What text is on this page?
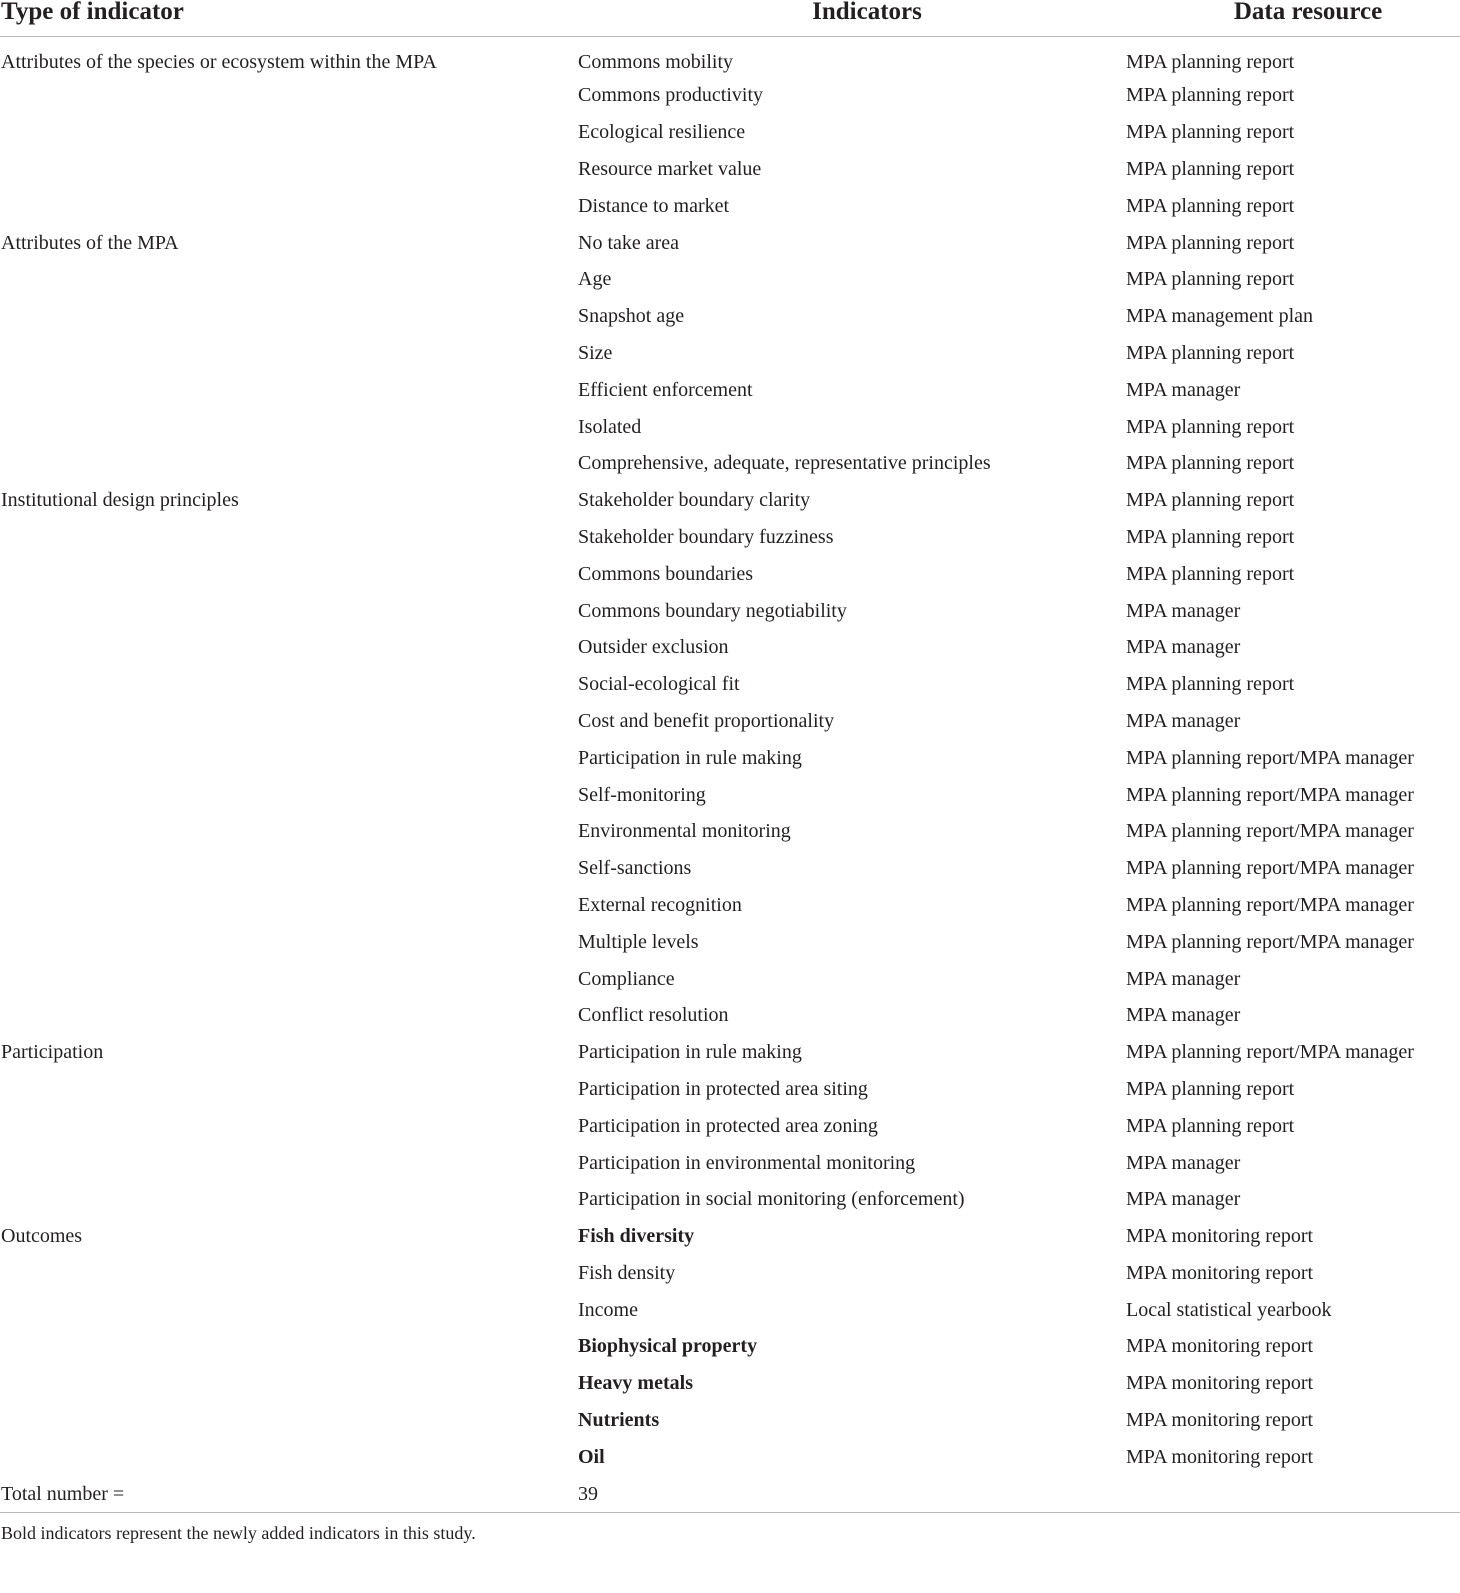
Type of indicator	Indicators	Data resource
Attributes of the species or ecosystem within the MPA	Commons mobility	MPA planning report
	Commons productivity	MPA planning report
	Ecological resilience	MPA planning report
	Resource market value	MPA planning report
	Distance to market	MPA planning report
Attributes of the MPA	No take area	MPA planning report
	Age	MPA planning report
	Snapshot age	MPA management plan
	Size	MPA planning report
	Efficient enforcement	MPA manager
	Isolated	MPA planning report
	Comprehensive, adequate, representative principles	MPA planning report
Institutional design principles	Stakeholder boundary clarity	MPA planning report
	Stakeholder boundary fuzziness	MPA planning report
	Commons boundaries	MPA planning report
	Commons boundary negotiability	MPA manager
	Outsider exclusion	MPA manager
	Social-ecological fit	MPA planning report
	Cost and benefit proportionality	MPA manager
	Participation in rule making	MPA planning report/MPA manager
	Self-monitoring	MPA planning report/MPA manager
	Environmental monitoring	MPA planning report/MPA manager
	Self-sanctions	MPA planning report/MPA manager
	External recognition	MPA planning report/MPA manager
	Multiple levels	MPA planning report/MPA manager
	Compliance	MPA manager
	Conflict resolution	MPA manager
Participation	Participation in rule making	MPA planning report/MPA manager
	Participation in protected area siting	MPA planning report
	Participation in protected area zoning	MPA planning report
	Participation in environmental monitoring	MPA manager
	Participation in social monitoring (enforcement)	MPA manager
Outcomes	Fish diversity	MPA monitoring report
	Fish density	MPA monitoring report
	Income	Local statistical yearbook
	Biophysical property	MPA monitoring report
	Heavy metals	MPA monitoring report
	Nutrients	MPA monitoring report
	Oil	MPA monitoring report
Total number =	39	
Bold indicators represent the newly added indicators in this study.
